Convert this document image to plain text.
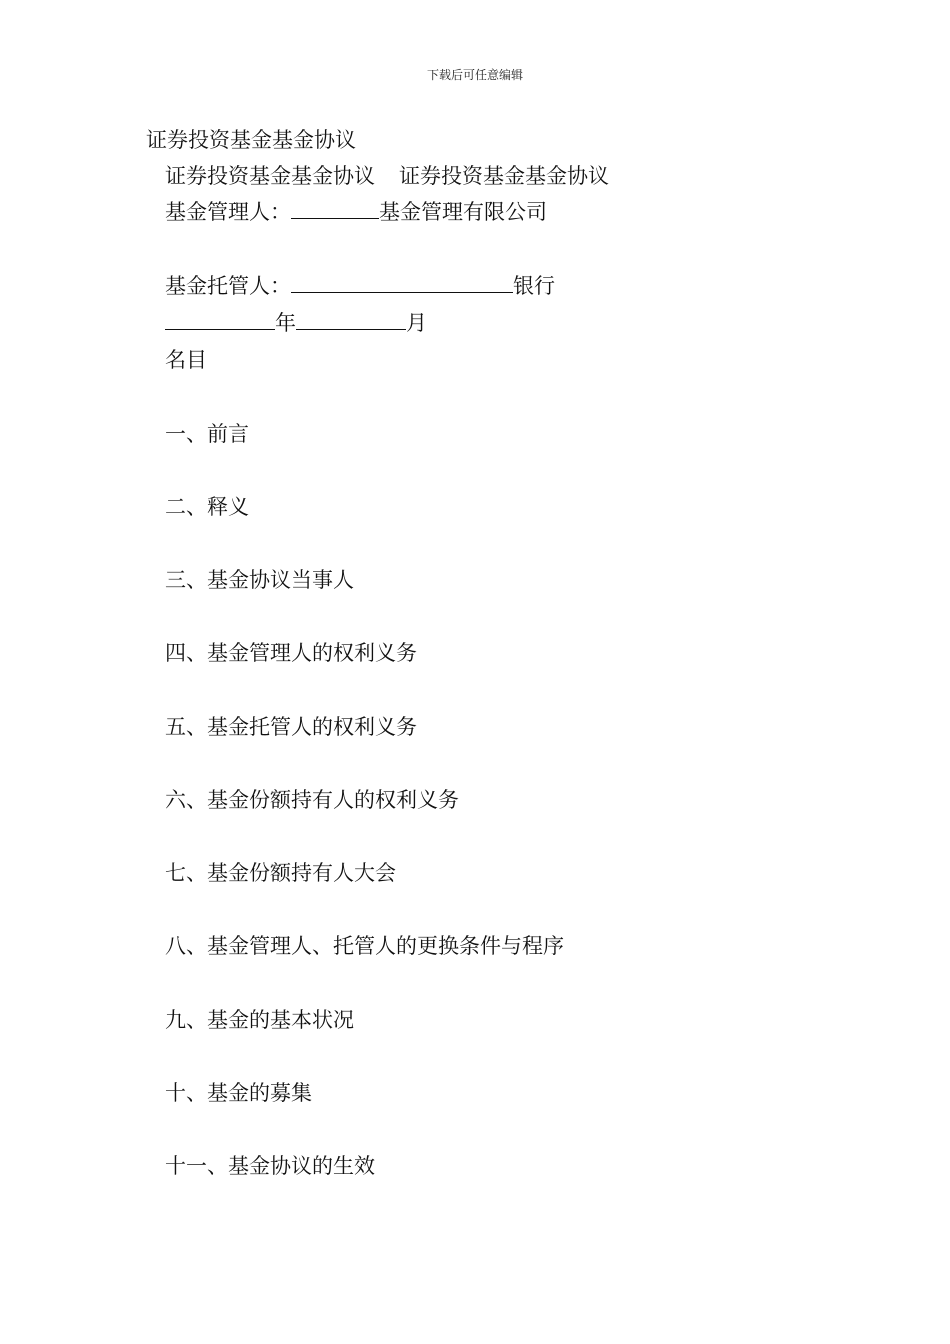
下载后可任意编辑
证券投资基金基金协议
证券投资基金基金协议 证券投资基金基金协议
基金管理人：	基金管理有限公司
基金托管人：	银行
年	月
名目
一、前言
二、释义
三、基金协议当事人
四、基金管理人的权利义务
五、基金托管人的权利义务
六、基金份额持有人的权利义务
七、基金份额持有人大会
八、基金管理人、托管人的更换条件与程序
九、基金的基本状况
十、基金的募集
十一、基金协议的生效
